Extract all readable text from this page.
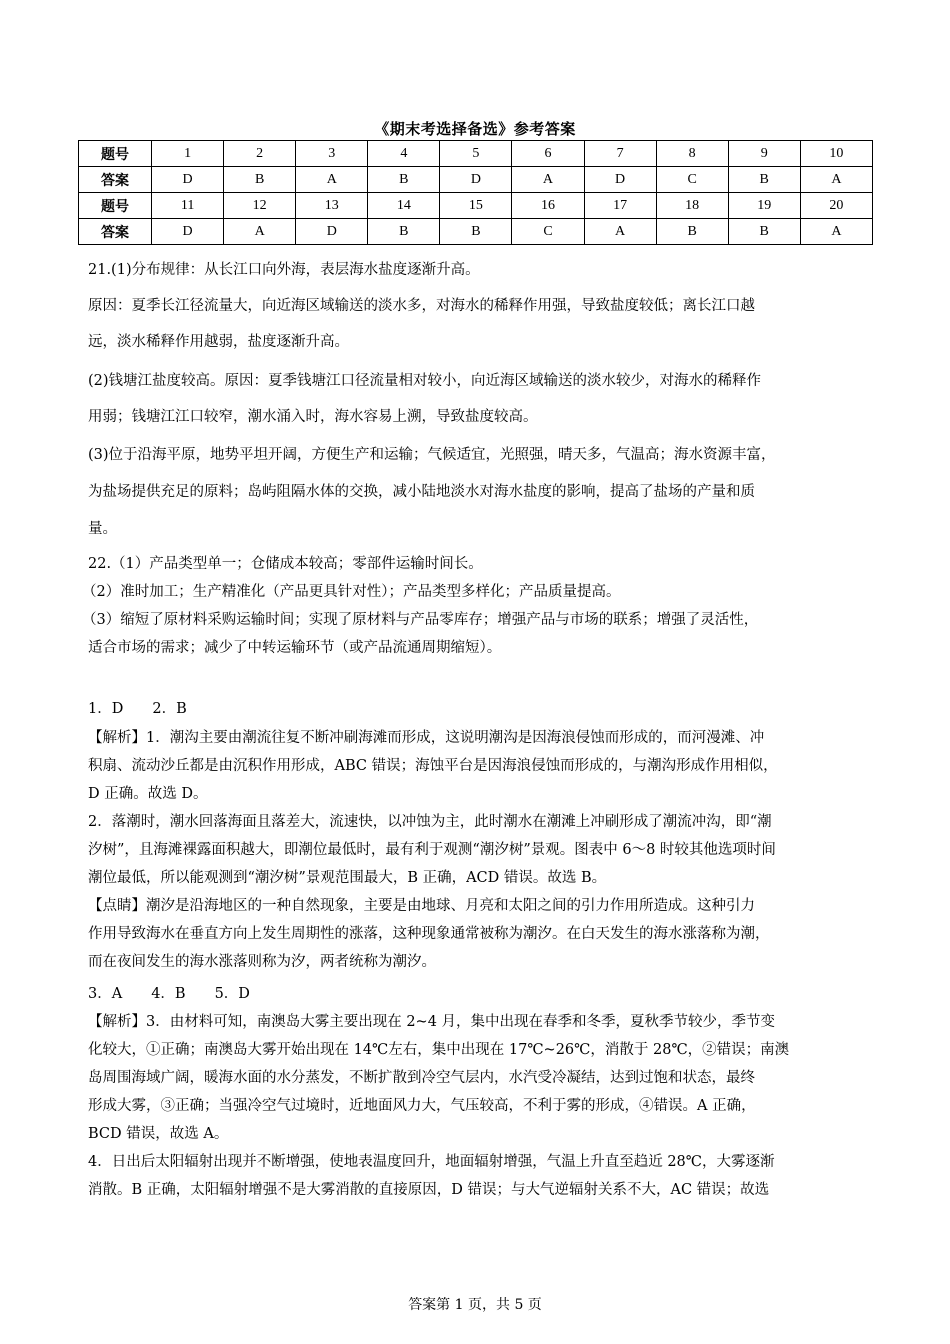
《期末考选择备选》参考答案
题号	1	2	3	4	5	6	7	8	9	10
答案	D	B	A	B	D	A	D	C	B	A
题号	11	12	13	14	15	16	17	18	19	20
答案	D	A	D	B	B	C	A	B	B	A
21.(1)分布规律：从长江口向外海，表层海水盐度逐渐升高。
原因：夏季长江径流量大，向近海区域输送的淡水多，对海水的稀释作用强，导致盐度较低；离长江口越
远，淡水稀释作用越弱，盐度逐渐升高。
(2)钱塘江盐度较高。原因：夏季钱塘江口径流量相对较小，向近海区域输送的淡水较少，对海水的稀释作
用弱；钱塘江江口较窄，潮水涌入时，海水容易上溯，导致盐度较高。
(3)位于沿海平原，地势平坦开阔，方便生产和运输；气候适宜，光照强，晴天多，气温高；海水资源丰富，
为盐场提供充足的原料；岛屿阻隔水体的交换，减小陆地淡水对海水盐度的影响，提高了盐场的产量和质
量。
22.（1）产品类型单一；仓储成本较高；零部件运输时间长。
（2）准时加工；生产精准化（产品更具针对性）；产品类型多样化；产品质量提高。
（3）缩短了原材料采购运输时间；实现了原材料与产品零库存；增强产品与市场的联系；增强了灵活性，
适合市场的需求；减少了中转运输环节（或产品流通周期缩短）。
1．D　　2．B
【解析】1．潮沟主要由潮流往复不断冲刷海滩而形成，这说明潮沟是因海浪侵蚀而形成的，而河漫滩、冲
积扇、流动沙丘都是由沉积作用形成，ABC 错误；海蚀平台是因海浪侵蚀而形成的，与潮沟形成作用相似，
D 正确。故选 D。
2．落潮时，潮水回落海面且落差大，流速快，以冲蚀为主，此时潮水在潮滩上冲刷形成了潮流冲沟，即“潮
汐树”，且海滩裸露面积越大，即潮位最低时，最有利于观测“潮汐树”景观。图表中 6～8 时较其他选项时间
潮位最低，所以能观测到“潮汐树”景观范围最大，B 正确，ACD 错误。故选 B。
【点睛】潮汐是沿海地区的一种自然现象，主要是由地球、月亮和太阳之间的引力作用所造成。这种引力
作用导致海水在垂直方向上发生周期性的涨落，这种现象通常被称为潮汐。在白天发生的海水涨落称为潮，
而在夜间发生的海水涨落则称为汐，两者统称为潮汐。
3．A　　4．B　　5．D
【解析】3．由材料可知，南澳岛大雾主要出现在 2~4 月，集中出现在春季和冬季，夏秋季节较少，季节变
化较大，①正确；南澳岛大雾开始出现在 14℃左右，集中出现在 17℃~26℃，消散于 28℃，②错误；南澳
岛周围海域广阔，暖海水面的水分蒸发，不断扩散到冷空气层内，水汽受冷凝结，达到过饱和状态，最终
形成大雾，③正确；当强冷空气过境时，近地面风力大，气压较高，不利于雾的形成，④错误。A 正确，
BCD 错误，故选 A。
4．日出后太阳辐射出现并不断增强，使地表温度回升，地面辐射增强，气温上升直至趋近 28℃，大雾逐渐
消散。B 正确，太阳辐射增强不是大雾消散的直接原因，D 错误；与大气逆辐射关系不大，AC 错误；故选
答案第 1 页，共 5 页
